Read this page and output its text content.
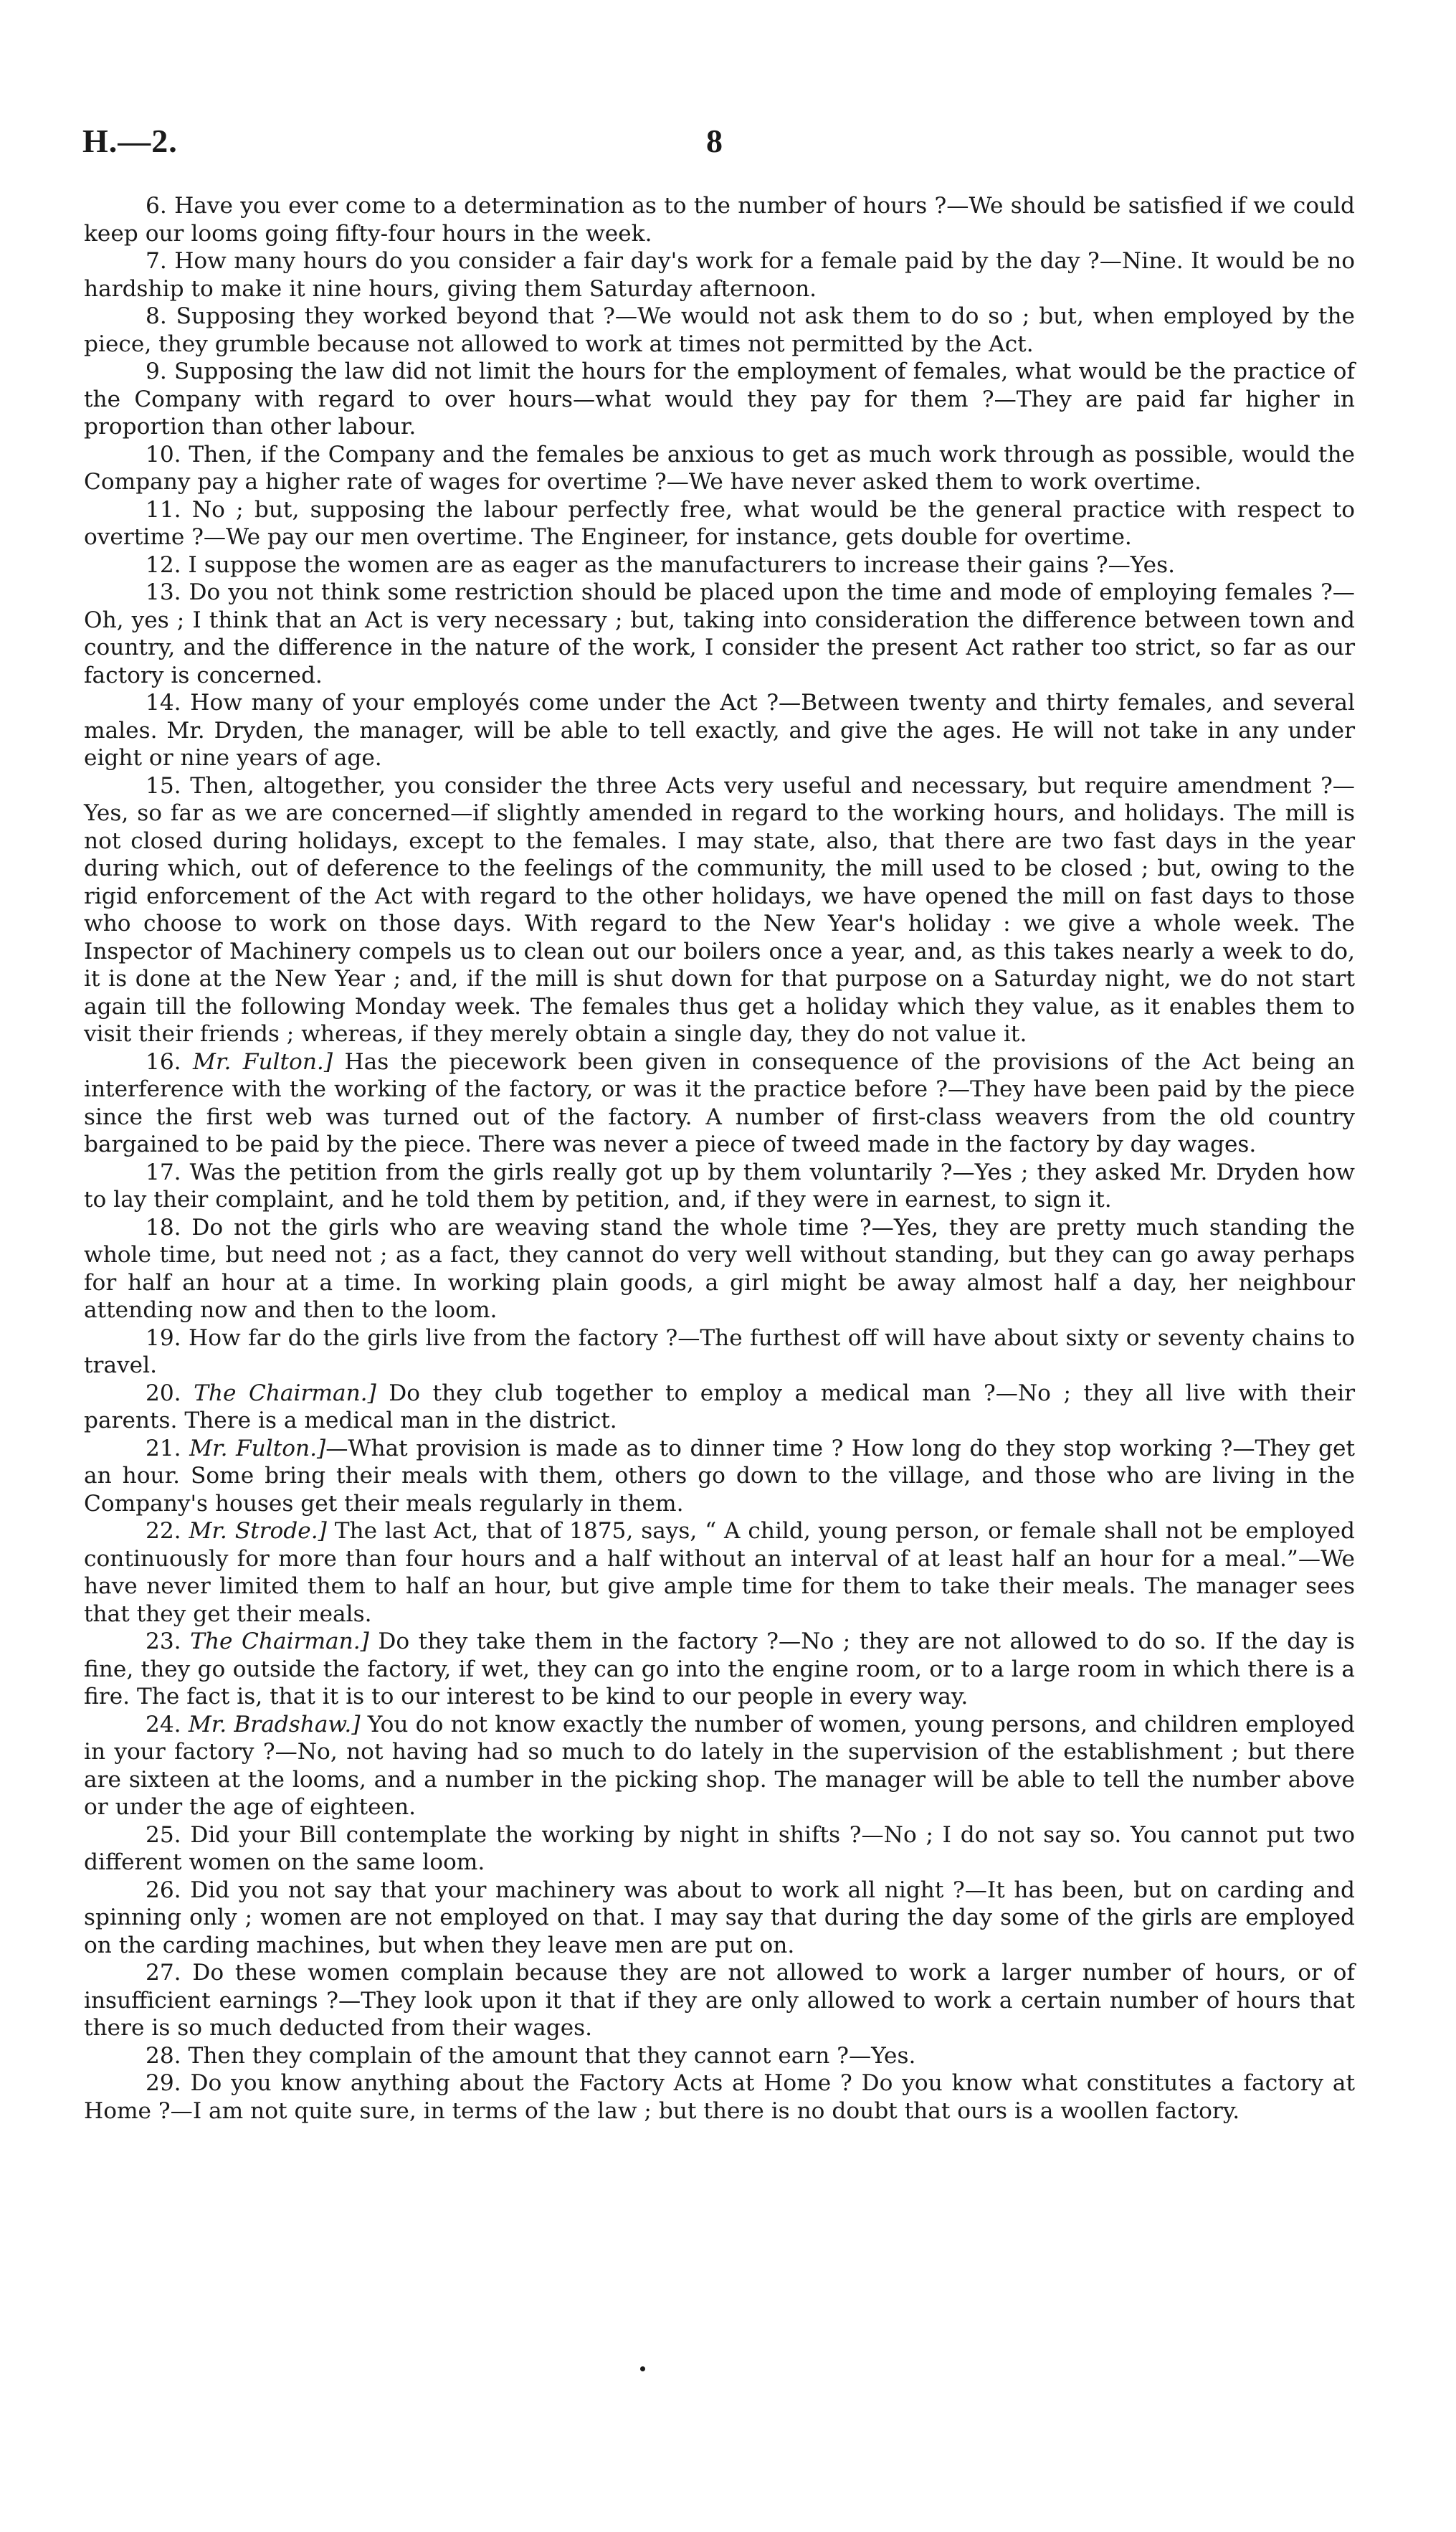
H.—2.	8

6. Have you ever come to a determination as to the number of hours ?—We should be satisfied if we could keep our looms going fifty-four hours in the week.

7. How many hours do you consider a fair day's work for a female paid by the day ?—Nine. It would be no hardship to make it nine hours, giving them Saturday afternoon.

8. Supposing they worked beyond that ?—We would not ask them to do so ; but, when employed by the piece, they grumble because not allowed to work at times not permitted by the Act.

9. Supposing the law did not limit the hours for the employment of females, what would be the practice of the Company with regard to over hours—what would they pay for them ?—They are paid far higher in proportion than other labour.

10. Then, if the Company and the females be anxious to get as much work through as possible, would the Company pay a higher rate of wages for overtime ?—We have never asked them to work overtime.

11. No ; but, supposing the labour perfectly free, what would be the general practice with respect to overtime ?—We pay our men overtime. The Engineer, for instance, gets double for overtime.

12. I suppose the women are as eager as the manufacturers to increase their gains ?—Yes.

13. Do you not think some restriction should be placed upon the time and mode of employing females ?—Oh, yes ; I think that an Act is very necessary ; but, taking into consideration the difference between town and country, and the difference in the nature of the work, I consider the present Act rather too strict, so far as our factory is concerned.

14. How many of your employés come under the Act ?—Between twenty and thirty females, and several males. Mr. Dryden, the manager, will be able to tell exactly, and give the ages. He will not take in any under eight or nine years of age.

15. Then, altogether, you consider the three Acts very useful and necessary, but require amendment ?—Yes, so far as we are concerned—if slightly amended in regard to the working hours, and holidays. The mill is not closed during holidays, except to the females. I may state, also, that there are two fast days in the year during which, out of deference to the feelings of the community, the mill used to be closed ; but, owing to the rigid enforcement of the Act with regard to the other holidays, we have opened the mill on fast days to those who choose to work on those days. With regard to the New Year's holiday : we give a whole week. The Inspector of Machinery compels us to clean out our boilers once a year, and, as this takes nearly a week to do, it is done at the New Year ; and, if the mill is shut down for that purpose on a Saturday night, we do not start again till the following Monday week. The females thus get a holiday which they value, as it enables them to visit their friends ; whereas, if they merely obtain a single day, they do not value it.

16. Mr. Fulton.] Has the piecework been given in consequence of the provisions of the Act being an interference with the working of the factory, or was it the practice before ?—They have been paid by the piece since the first web was turned out of the factory. A number of first-class weavers from the old country bargained to be paid by the piece. There was never a piece of tweed made in the factory by day wages.

17. Was the petition from the girls really got up by them voluntarily ?—Yes ; they asked Mr. Dryden how to lay their complaint, and he told them by petition, and, if they were in earnest, to sign it.

18. Do not the girls who are weaving stand the whole time ?—Yes, they are pretty much standing the whole time, but need not ; as a fact, they cannot do very well without standing, but they can go away perhaps for half an hour at a time. In working plain goods, a girl might be away almost half a day, her neighbour attending now and then to the loom.

19. How far do the girls live from the factory ?—The furthest off will have about sixty or seventy chains to travel.

20. The Chairman.] Do they club together to employ a medical man ?—No ; they all live with their parents. There is a medical man in the district.

21. Mr. Fulton.]—What provision is made as to dinner time ? How long do they stop working ?—They get an hour. Some bring their meals with them, others go down to the village, and those who are living in the Company's houses get their meals regularly in them.

22. Mr. Strode.] The last Act, that of 1875, says, “ A child, young person, or female shall not be employed continuously for more than four hours and a half without an interval of at least half an hour for a meal.”—We have never limited them to half an hour, but give ample time for them to take their meals. The manager sees that they get their meals.

23. The Chairman.] Do they take them in the factory ?—No ; they are not allowed to do so. If the day is fine, they go outside the factory, if wet, they can go into the engine room, or to a large room in which there is a fire. The fact is, that it is to our interest to be kind to our people in every way.

24. Mr. Bradshaw.] You do not know exactly the number of women, young persons, and children employed in your factory ?—No, not having had so much to do lately in the supervision of the establishment ; but there are sixteen at the looms, and a number in the picking shop. The manager will be able to tell the number above or under the age of eighteen.

25. Did your Bill contemplate the working by night in shifts ?—No ; I do not say so. You cannot put two different women on the same loom.

26. Did you not say that your machinery was about to work all night ?—It has been, but on carding and spinning only ; women are not employed on that. I may say that during the day some of the girls are employed on the carding machines, but when they leave men are put on.

27. Do these women complain because they are not allowed to work a larger number of hours, or of insufficient earnings ?—They look upon it that if they are only allowed to work a certain number of hours that there is so much deducted from their wages.

28. Then they complain of the amount that they cannot earn ?—Yes.

29. Do you know anything about the Factory Acts at Home ? Do you know what constitutes a factory at Home ?—I am not quite sure, in terms of the law ; but there is no doubt that ours is a woollen factory.
